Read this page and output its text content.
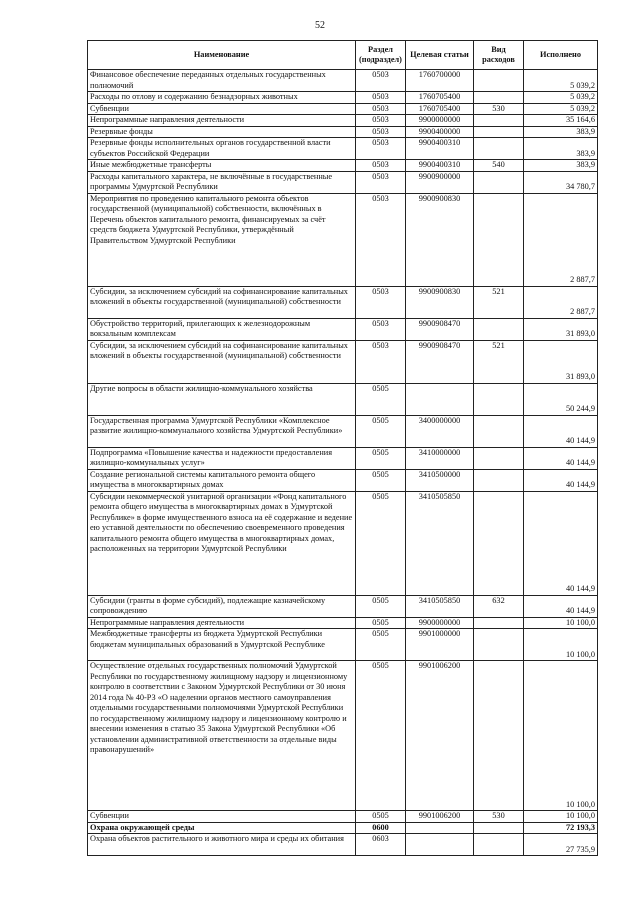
52
Наименование	Раздел (подраздел)	Целевая статьи	Вид расходов	Исполнено
Финансовое обеспечение переданных отдельных государственных полномочий	0503	1760700000		5 039,2
Расходы по отлову и содержанию безнадзорных животных	0503	1760705400		5 039,2
Субвенции	0503	1760705400	530	5 039,2
Непрограммные направления деятельности	0503	9900000000		35 164,6
Резервные фонды	0503	9900400000		383,9
Резервные фонды исполнительных органов государственной власти субъектов Российской Федерации	0503	9900400310		383,9
Иные межбюджетные трансферты	0503	9900400310	540	383,9
Расходы капитального характера, не включённые в государственные программы Удмуртской Республики	0503	9900900000		34 780,7
Мероприятия по проведению капитального ремонта объектов государственной (муниципальной) собственности, включённых в Перечень объектов капитального ремонта, финансируемых за счёт средств бюджета Удмуртской Республики, утверждённый Правительством Удмуртской Республики	0503	9900900830		2 887,7
Субсидии, за исключением субсидий на софинансирование капитальных вложений в объекты государственной (муниципальной) собственности	0503	9900900830	521	2 887,7
Обустройство территорий, прилегающих к железнодорожным вокзальным комплексам	0503	9900908470		31 893,0
Субсидии, за исключением субсидий на софинансирование капитальных вложений в объекты государственной (муниципальной) собственности	0503	9900908470	521	31 893,0
Другие вопросы в области жилищно-коммунального хозяйства	0505			50 244,9
Государственная программа Удмуртской Республики «Комплексное развитие жилищно-коммунального хозяйства Удмуртской Республики»	0505	3400000000		40 144,9
Подпрограмма «Повышение качества и надежности предоставления жилищно-коммунальных услуг»	0505	3410000000		40 144,9
Создание региональной системы капитального ремонта общего имущества в многоквартирных домах	0505	3410500000		40 144,9
Субсидии некоммерческой унитарной организации «Фонд капитального ремонта общего имущества в многоквартирных домах в Удмуртской Республике» в форме имущественного взноса на её содержание и ведение ею уставной деятельности по обеспечению своевременного проведения капитального ремонта общего имущества в многоквартирных домах, расположенных на территории Удмуртской Республики	0505	3410505850		40 144,9
Субсидии (гранты в форме субсидий), подлежащие казначейскому сопровождению	0505	3410505850	632	40 144,9
Непрограммные направления деятельности	0505	9900000000		10 100,0
Межбюджетные трансферты из бюджета Удмуртской Республики бюджетам муниципальных образований в Удмуртской Республике	0505	9901000000		10 100,0
Осуществление отдельных государственных полномочий Удмуртской Республики по государственному жилищному надзору и лицензионному контролю в соответствии с Законом Удмуртской Республики от 30 июня 2014 года № 40-РЗ «О наделении органов местного самоуправления отдельными государственными полномочиями Удмуртской Республики по государственному жилищному надзору и лицензионному контролю и внесении изменения в статью 35 Закона Удмуртской Республики «Об установлении административной ответственности за отдельные виды правонарушений»	0505	9901006200		10 100,0
Субвенции	0505	9901006200	530	10 100,0
Охрана окружающей среды	0600			72 193,3
Охрана объектов растительного и животного мира и среды их обитания	0603			27 735,9
